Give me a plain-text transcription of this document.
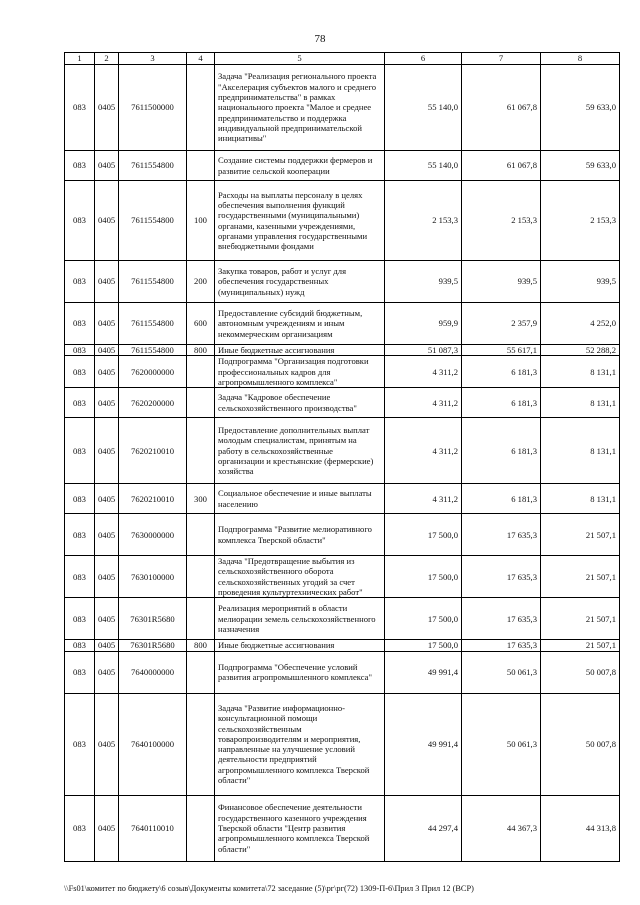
78
1	2	3	4	5	6	7	8
083	0405	7611500000		Задача "Реализация регионального проекта "Акселерация субъектов малого и среднего предпринимательства" в рамках национального проекта "Малое и среднее предпринимательство и поддержка индивидуальной предпринимательской инициативы"	55 140,0	61 067,8	59 633,0
083	0405	7611554800		Создание системы поддержки фермеров и развитие сельской кооперации	55 140,0	61 067,8	59 633,0
083	0405	7611554800	100	Расходы на выплаты персоналу в целях обеспечения выполнения функций государственными (муниципальными) органами, казенными учреждениями, органами управления государственными внебюджетными фондами	2 153,3	2 153,3	2 153,3
083	0405	7611554800	200	Закупка товаров, работ и услуг для обеспечения государственных (муниципальных) нужд	939,5	939,5	939,5
083	0405	7611554800	600	Предоставление субсидий бюджетным, автономным учреждениям и иным некоммерческим организациям	959,9	2 357,9	4 252,0
083	0405	7611554800	800	Иные бюджетные ассигнования	51 087,3	55 617,1	52 288,2
083	0405	7620000000		Подпрограмма "Организация подготовки профессиональных кадров для агропромышленного комплекса"	4 311,2	6 181,3	8 131,1
083	0405	7620200000		Задача "Кадровое обеспечение сельскохозяйственного производства"	4 311,2	6 181,3	8 131,1
083	0405	7620210010		Предоставление дополнительных выплат молодым специалистам, принятым на работу в сельскохозяйственные организации и крестьянские (фермерские) хозяйства	4 311,2	6 181,3	8 131,1
083	0405	7620210010	300	Социальное обеспечение и иные выплаты населению	4 311,2	6 181,3	8 131,1
083	0405	7630000000		Подпрограмма "Развитие мелиоративного комплекса Тверской области"	17 500,0	17 635,3	21 507,1
083	0405	7630100000		Задача "Предотвращение выбытия из сельскохозяйственного оборота сельскохозяйственных угодий за счет проведения культуртехнических работ"	17 500,0	17 635,3	21 507,1
083	0405	76301R5680		Реализация мероприятий в области мелиорации земель сельскохозяйственного назначения	17 500,0	17 635,3	21 507,1
083	0405	76301R5680	800	Иные бюджетные ассигнования	17 500,0	17 635,3	21 507,1
083	0405	7640000000		Подпрограмма "Обеспечение условий развития агропромышленного комплекса"	49 991,4	50 061,3	50 007,8
083	0405	7640100000		Задача "Развитие информационно-консультационной помощи сельскохозяйственным товаропроизводителям и мероприятия, направленные на улучшение условий деятельности предприятий агропромышленного комплекса Тверской области"	49 991,4	50 061,3	50 007,8
083	0405	7640110010		Финансовое обеспечение деятельности государственного казенного учреждения Тверской области "Центр развития агропромышленного комплекса Тверской области"	44 297,4	44 367,3	44 313,8
\\Fs01\комитет по бюджету\6 созыв\Документы комитета\72 заседание (5)\рг\рг(72) 1309-П-6\Прил 3 Прил 12 (ВСР)
